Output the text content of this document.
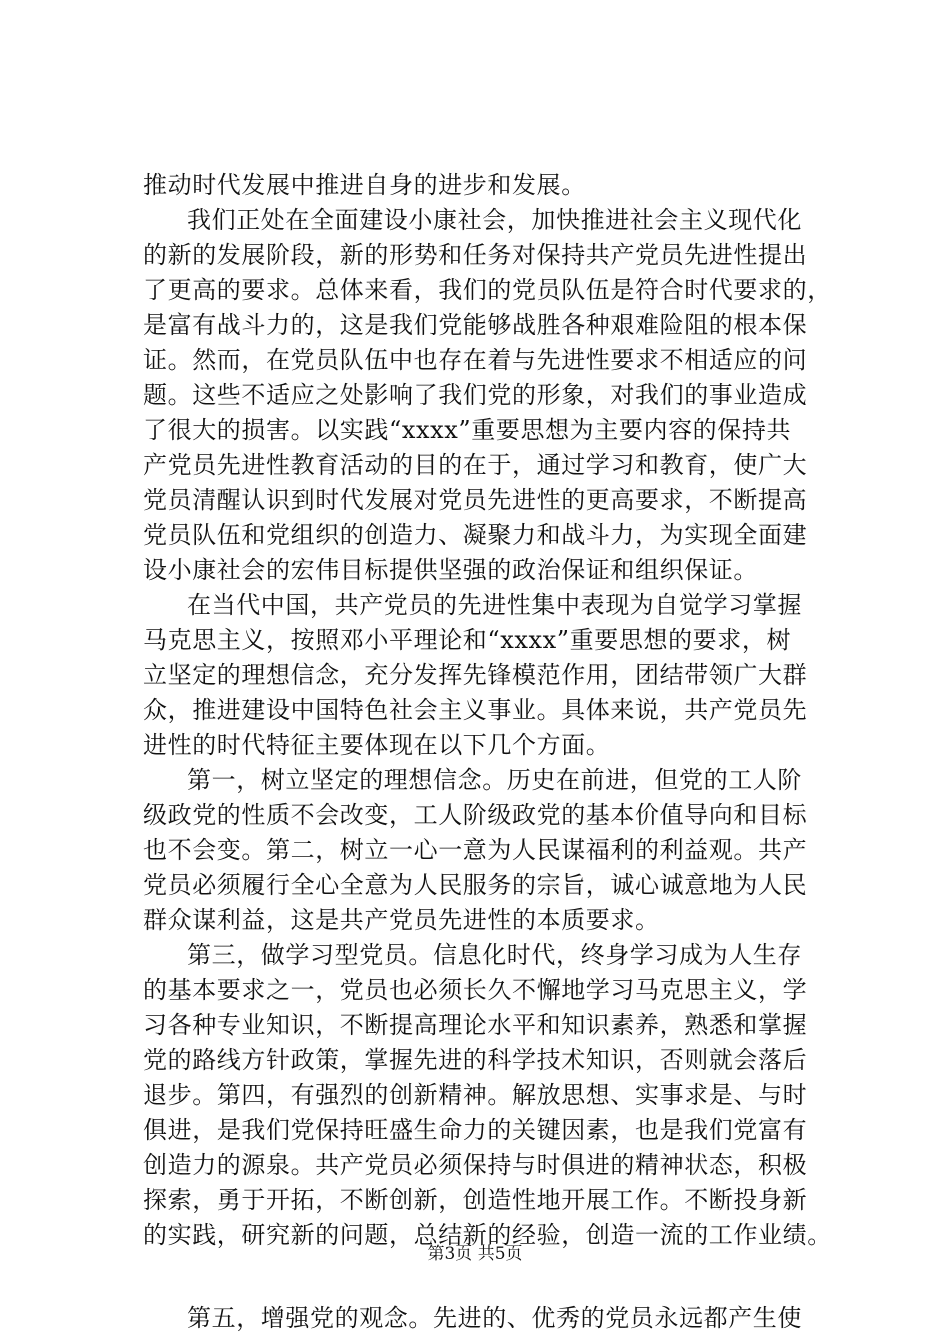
推动时代发展中推进自身的进步和发展。
我们正处在全面建设小康社会，加快推进社会主义现代化
的新的发展阶段，新的形势和任务对保持共产党员先进性提出
了更高的要求。总体来看，我们的党员队伍是符合时代要求的，
是富有战斗力的，这是我们党能够战胜各种艰难险阻的根本保
证。然而，在党员队伍中也存在着与先进性要求不相适应的问
题。这些不适应之处影响了我们党的形象，对我们的事业造成
了很大的损害。以实践“xxxx”重要思想为主要内容的保持共
产党员先进性教育活动的目的在于，通过学习和教育，使广大
党员清醒认识到时代发展对党员先进性的更高要求，不断提高
党员队伍和党组织的创造力、凝聚力和战斗力，为实现全面建
设小康社会的宏伟目标提供坚强的政治保证和组织保证。
在当代中国，共产党员的先进性集中表现为自觉学习掌握
马克思主义，按照邓小平理论和“xxxx”重要思想的要求，树
立坚定的理想信念，充分发挥先锋模范作用，团结带领广大群
众，推进建设中国特色社会主义事业。具体来说，共产党员先
进性的时代特征主要体现在以下几个方面。
第一，树立坚定的理想信念。历史在前进，但党的工人阶
级政党的性质不会改变，工人阶级政党的基本价值导向和目标
也不会变。第二，树立一心一意为人民谋福利的利益观。共产
党员必须履行全心全意为人民服务的宗旨，诚心诚意地为人民
群众谋利益，这是共产党员先进性的本质要求。
第三，做学习型党员。信息化时代，终身学习成为人生存
的基本要求之一，党员也必须长久不懈地学习马克思主义，学
习各种专业知识，不断提高理论水平和知识素养，熟悉和掌握
党的路线方针政策，掌握先进的科学技术知识，否则就会落后
退步。第四，有强烈的创新精神。解放思想、实事求是、与时
俱进，是我们党保持旺盛生命力的关键因素，也是我们党富有
创造力的源泉。共产党员必须保持与时俱进的精神状态，积极
探索，勇于开拓，不断创新，创造性地开展工作。不断投身新
的实践，研究新的问题，总结新的经验，创造一流的工作业绩。
第五，增强党的观念。先进的、优秀的党员永远都产生使
第3页 共5页
